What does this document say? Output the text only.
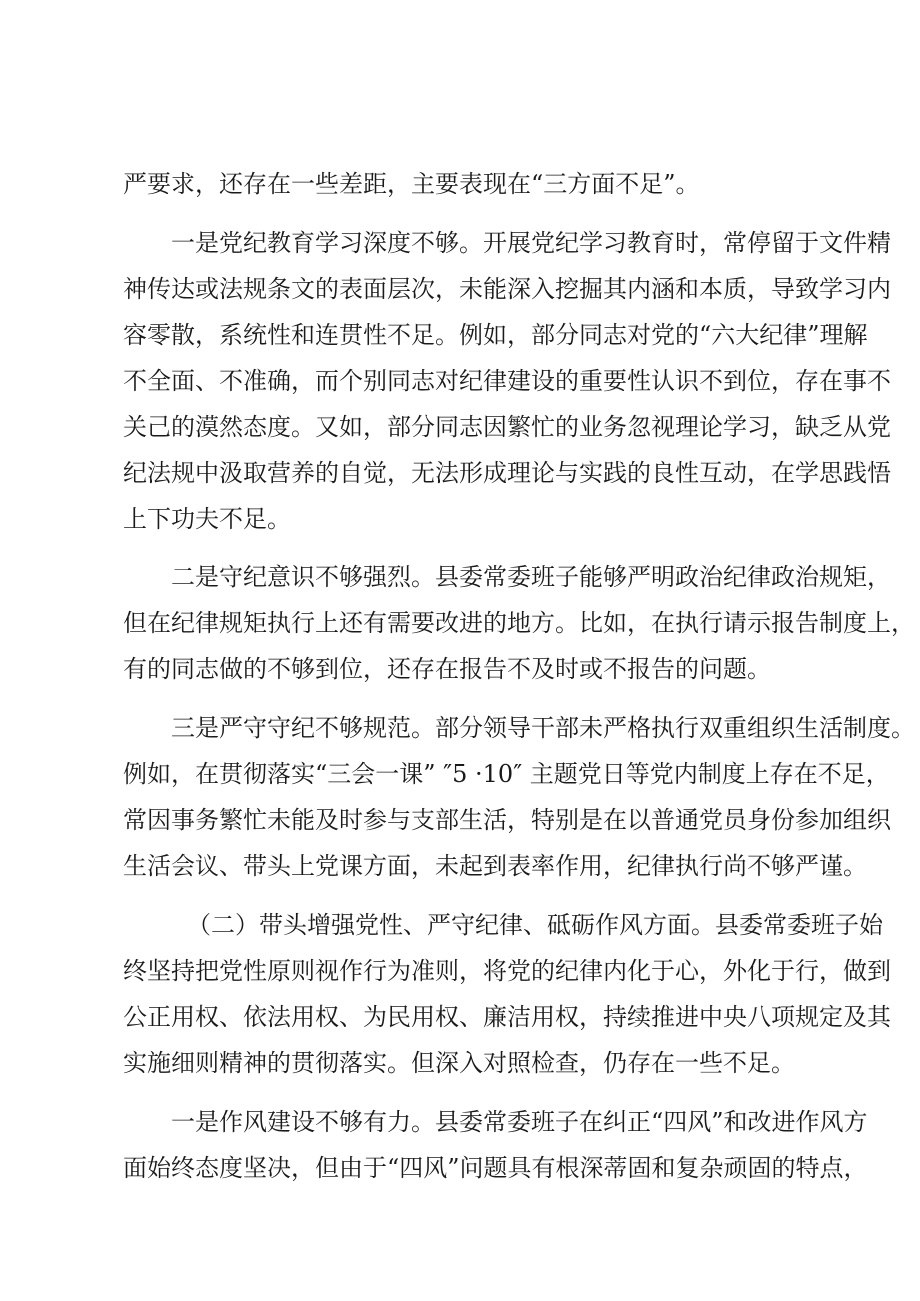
严要求，还存在一些差距，主要表现在“三方面不足”。
一是党纪教育学习深度不够。开展党纪学习教育时，常停留于文件精
神传达或法规条文的表面层次，未能深入挖掘其内涵和本质，导致学习内
容零散，系统性和连贯性不足。例如，部分同志对党的“六大纪律”理解
不全面、不准确，而个别同志对纪律建设的重要性认识不到位，存在事不
关己的漠然态度。又如，部分同志因繁忙的业务忽视理论学习，缺乏从党
纪法规中汲取营养的自觉，无法形成理论与实践的良性互动，在学思践悟
上下功夫不足。
二是守纪意识不够强烈。县委常委班子能够严明政治纪律政治规矩，
但在纪律规矩执行上还有需要改进的地方。比如，在执行请示报告制度上，
有的同志做的不够到位，还存在报告不及时或不报告的问题。
三是严守守纪不够规范。部分领导干部未严格执行双重组织生活制度。
例如，在贯彻落实“三会一课” ″5 ·10″ 主题党日等党内制度上存在不足，
常因事务繁忙未能及时参与支部生活，特别是在以普通党员身份参加组织
生活会议、带头上党课方面，未起到表率作用，纪律执行尚不够严谨。
（二）带头增强党性、严守纪律、砥砺作风方面。县委常委班子始
终坚持把党性原则视作行为准则，将党的纪律内化于心，外化于行，做到
公正用权、依法用权、为民用权、廉洁用权，持续推进中央八项规定及其
实施细则精神的贯彻落实。但深入对照检查，仍存在一些不足。
一是作风建设不够有力。县委常委班子在纠正“四风”和改进作风方
面始终态度坚决，但由于“四风”问题具有根深蒂固和复杂顽固的特点，
